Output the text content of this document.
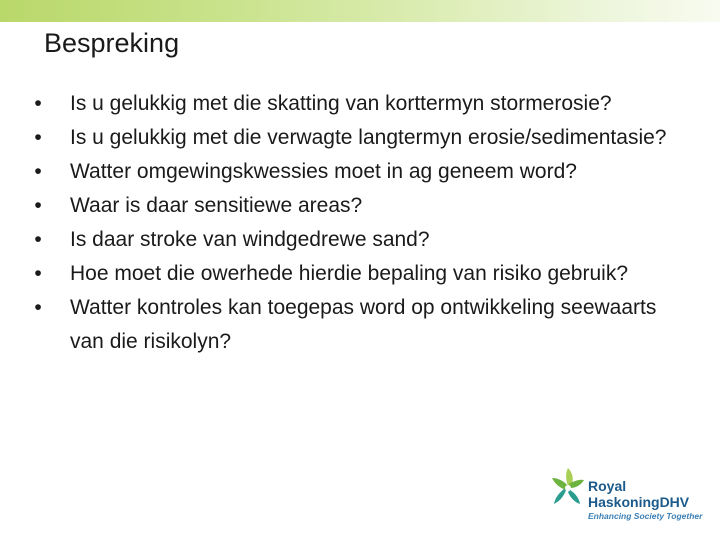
Bespreking
•	Is u gelukkig met die skatting van korttermyn stormerosie?
•	Is u gelukkig met die verwagte langtermyn erosie/sedimentasie?
•	Watter omgewingskwessies moet in ag geneem word?
•	Waar is daar sensitiewe areas?
•	Is daar stroke van windgedrewe sand?
•	Hoe moet die owerhede hierdie bepaling van risiko gebruik?
•	Watter kontroles kan toegepas word op ontwikkeling seewaarts van die risikolyn?
Royal
HaskoningDHV
Enhancing Society Together
